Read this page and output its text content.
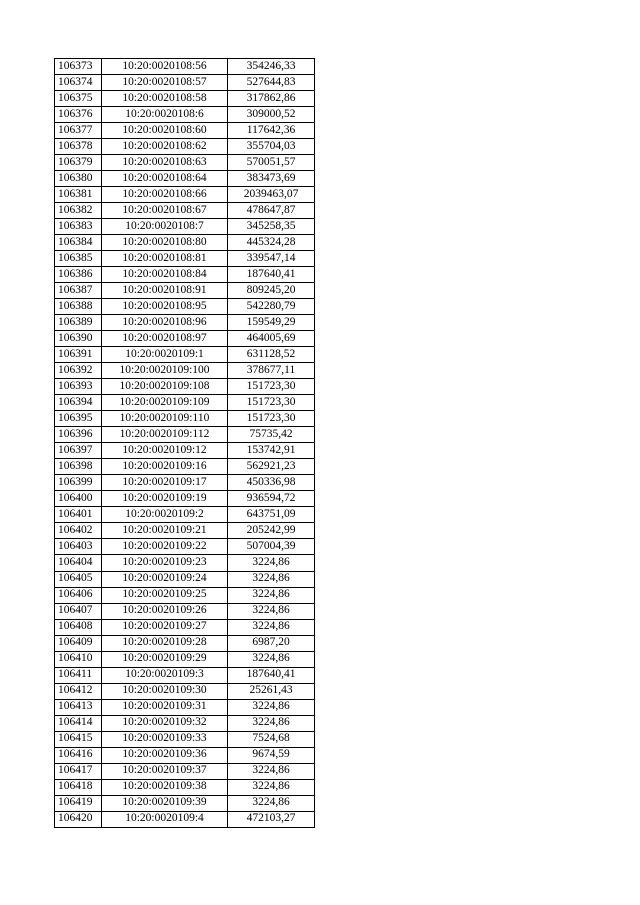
106373	10:20:0020108:56	354246,33
106374	10:20:0020108:57	527644,83
106375	10:20:0020108:58	317862,86
106376	10:20:0020108:6	309000,52
106377	10:20:0020108:60	117642,36
106378	10:20:0020108:62	355704,03
106379	10:20:0020108:63	570051,57
106380	10:20:0020108:64	383473,69
106381	10:20:0020108:66	2039463,07
106382	10:20:0020108:67	478647,87
106383	10:20:0020108:7	345258,35
106384	10:20:0020108:80	445324,28
106385	10:20:0020108:81	339547,14
106386	10:20:0020108:84	187640,41
106387	10:20:0020108:91	809245,20
106388	10:20:0020108:95	542280,79
106389	10:20:0020108:96	159549,29
106390	10:20:0020108:97	464005,69
106391	10:20:0020109:1	631128,52
106392	10:20:0020109:100	378677,11
106393	10:20:0020109:108	151723,30
106394	10:20:0020109:109	151723,30
106395	10:20:0020109:110	151723,30
106396	10:20:0020109:112	75735,42
106397	10:20:0020109:12	153742,91
106398	10:20:0020109:16	562921,23
106399	10:20:0020109:17	450336,98
106400	10:20:0020109:19	936594,72
106401	10:20:0020109:2	643751,09
106402	10:20:0020109:21	205242,99
106403	10:20:0020109:22	507004,39
106404	10:20:0020109:23	3224,86
106405	10:20:0020109:24	3224,86
106406	10:20:0020109:25	3224,86
106407	10:20:0020109:26	3224,86
106408	10:20:0020109:27	3224,86
106409	10:20:0020109:28	6987,20
106410	10:20:0020109:29	3224,86
106411	10:20:0020109:3	187640,41
106412	10:20:0020109:30	25261,43
106413	10:20:0020109:31	3224,86
106414	10:20:0020109:32	3224,86
106415	10:20:0020109:33	7524,68
106416	10:20:0020109:36	9674,59
106417	10:20:0020109:37	3224,86
106418	10:20:0020109:38	3224,86
106419	10:20:0020109:39	3224,86
106420	10:20:0020109:4	472103,27
